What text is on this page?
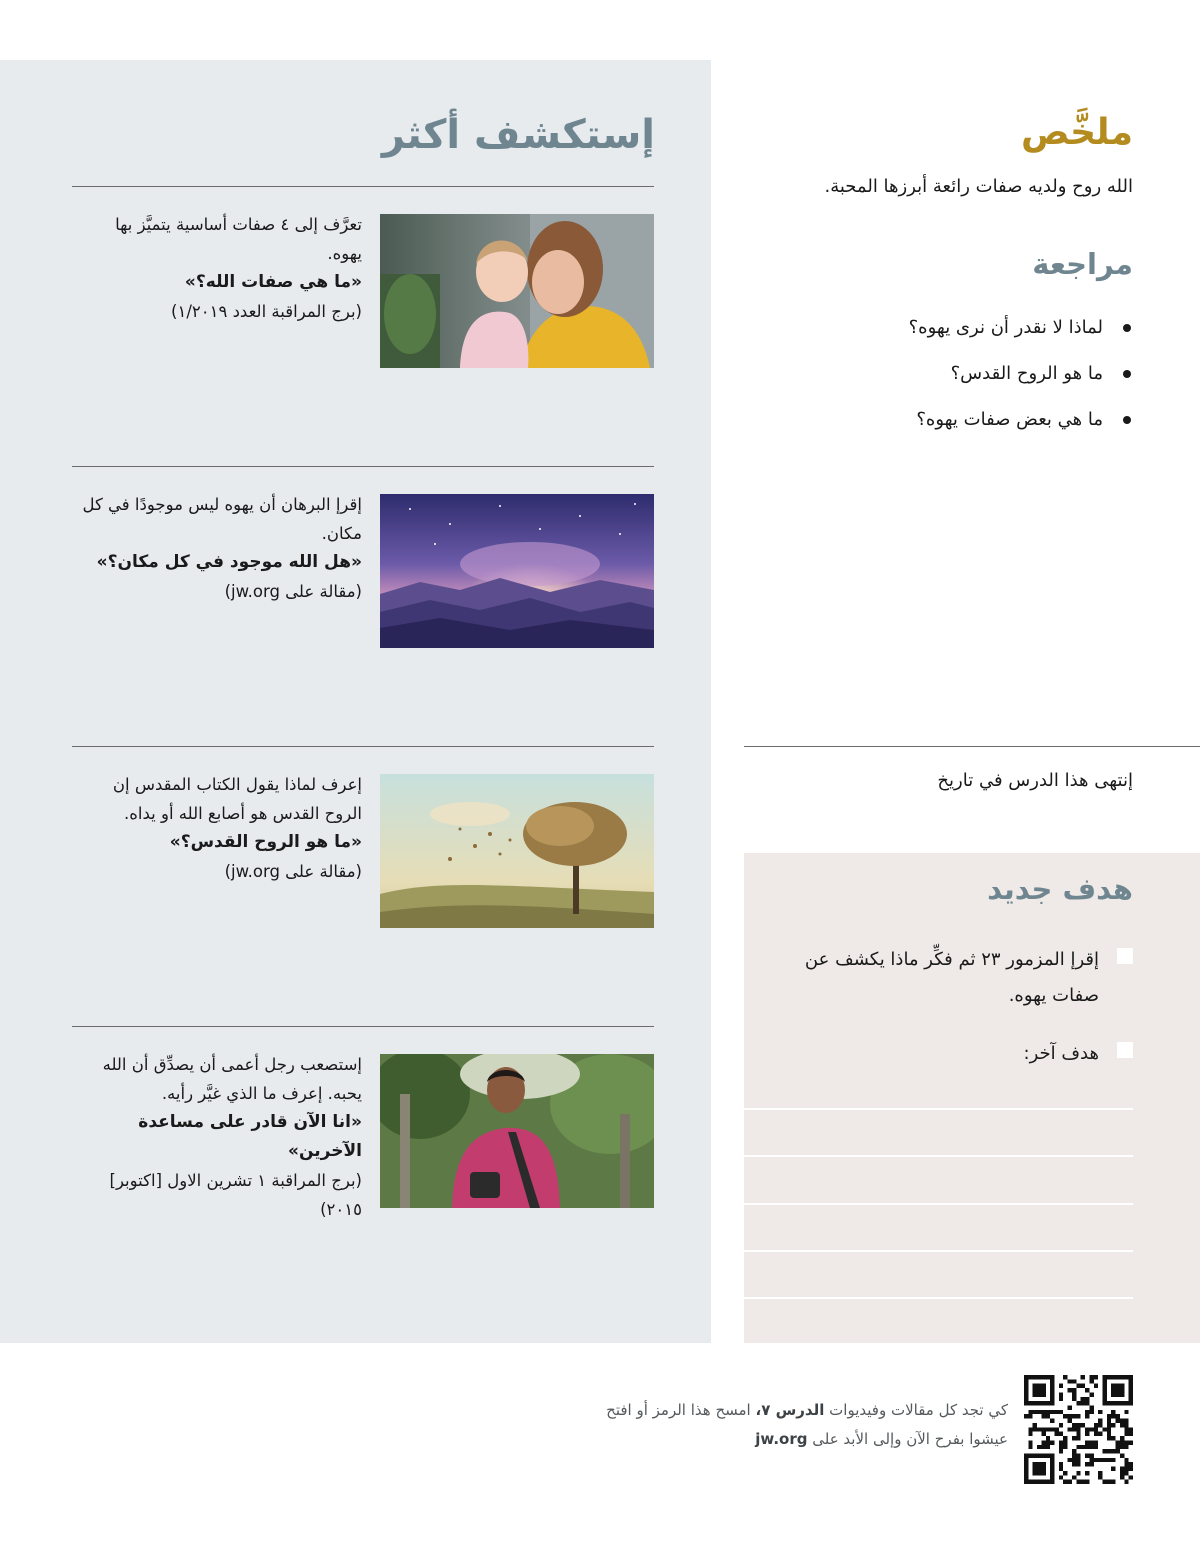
إستكشف أكثر
تعرَّف إلى ٤ صفات أساسية يتميَّز بها يهوه.
«ما هي صفات الله؟»
(برج المراقبة العدد ١/٢٠١٩)
إقرإ البرهان أن يهوه ليس موجودًا في كل مكان.
«هل الله موجود في كل مكان؟»
(مقالة على jw.org)
إعرف لماذا يقول الكتاب المقدس إن الروح القدس هو أصابع الله أو يداه.
«ما هو الروح القدس؟»
(مقالة على jw.org)
إستصعب رجل أعمى أن يصدِّق أن الله يحبه. إعرف ما الذي غيَّر رأيه.
«انا الآن قادر على مساعدة الآخرين»
(برج المراقبة ١ تشرين الاول [اكتوبر] ٢٠١٥)
ملخَّص
الله روح ولديه صفات رائعة أبرزها المحبة.
مراجعة
لماذا لا نقدر أن نرى يهوه؟
ما هو الروح القدس؟
ما هي بعض صفات يهوه؟
إنتهى هذا الدرس في تاريخ
هدف جديد
إقرإ المزمور ٢٣ ثم فكِّر ماذا يكشف عن صفات يهوه.
هدف آخر:
كي تجد كل مقالات وفيديوات الدرس ٧، امسح هذا الرمز أو افتح عيشوا بفرح الآن وإلى الأبد على jw.org
